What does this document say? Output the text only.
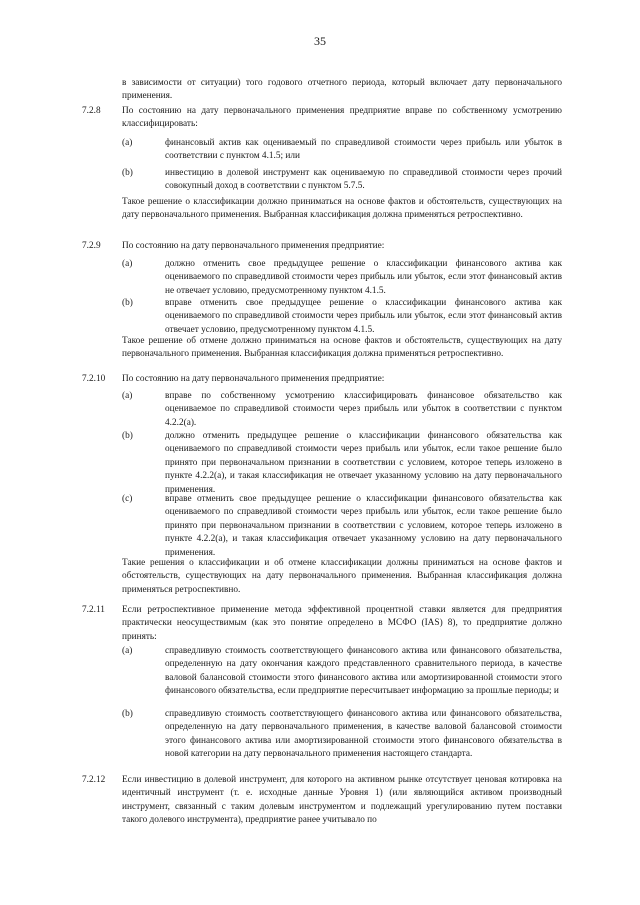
35

в зависимости от ситуации) того годового отчетного периода, который включает дату первоначального применения.

7.2.8 По состоянию на дату первоначального применения предприятие вправе по собственному усмотрению классифицировать:

(a)	финансовый актив как оцениваемый по справедливой стоимости через прибыль или убыток в соответствии с пунктом 4.1.5; или

(b)	инвестицию в долевой инструмент как оцениваемую по справедливой стоимости через прочий совокупный доход в соответствии с пунктом 5.7.5.

Такое решение о классификации должно приниматься на основе фактов и обстоятельств, существующих на дату первоначального применения. Выбранная классификация должна применяться ретроспективно.

7.2.9 По состоянию на дату первоначального применения предприятие:

(a)	должно отменить свое предыдущее решение о классификации финансового актива как оцениваемого по справедливой стоимости через прибыль или убыток, если этот финансовый актив не отвечает условию, предусмотренному пунктом 4.1.5.

(b)	вправе отменить свое предыдущее решение о классификации финансового актива как оцениваемого по справедливой стоимости через прибыль или убыток, если этот финансовый актив отвечает условию, предусмотренному пунктом 4.1.5.

Такое решение об отмене должно приниматься на основе фактов и обстоятельств, существующих на дату первоначального применения. Выбранная классификация должна применяться ретроспективно.

7.2.10 По состоянию на дату первоначального применения предприятие:

(a)	вправе по собственному усмотрению классифицировать финансовое обязательство как оцениваемое по справедливой стоимости через прибыль или убыток в соответствии с пунктом 4.2.2(a).

(b)	должно отменить предыдущее решение о классификации финансового обязательства как оцениваемого по справедливой стоимости через прибыль или убыток, если такое решение было принято при первоначальном признании в соответствии с условием, которое теперь изложено в пункте 4.2.2(a), и такая классификация не отвечает указанному условию на дату первоначального применения.

(c)	вправе отменить свое предыдущее решение о классификации финансового обязательства как оцениваемого по справедливой стоимости через прибыль или убыток, если такое решение было принято при первоначальном признании в соответствии с условием, которое теперь изложено в пункте 4.2.2(a), и такая классификация отвечает указанному условию на дату первоначального применения.

Такие решения о классификации и об отмене классификации должны приниматься на основе фактов и обстоятельств, существующих на дату первоначального применения. Выбранная классификация должна применяться ретроспективно.

7.2.11 Если ретроспективное применение метода эффективной процентной ставки является для предприятия практически неосуществимым (как это понятие определено в МСФО (IAS) 8), то предприятие должно принять:

(a)	справедливую стоимость соответствующего финансового актива или финансового обязательства, определенную на дату окончания каждого представленного сравнительного периода, в качестве валовой балансовой стоимости этого финансового актива или амортизированной стоимости этого финансового обязательства, если предприятие пересчитывает информацию за прошлые периоды; и

(b)	справедливую стоимость соответствующего финансового актива или финансового обязательства, определенную на дату первоначального применения, в качестве валовой балансовой стоимости этого финансового актива или амортизированной стоимости этого финансового обязательства в новой категории на дату первоначального применения настоящего стандарта.

7.2.12 Если инвестицию в долевой инструмент, для которого на активном рынке отсутствует ценовая котировка на идентичный инструмент (т. е. исходные данные Уровня 1) (или являющийся активом производный инструмент, связанный с таким долевым инструментом и подлежащий урегулированию путем поставки такого долевого инструмента), предприятие ранее учитывало по
